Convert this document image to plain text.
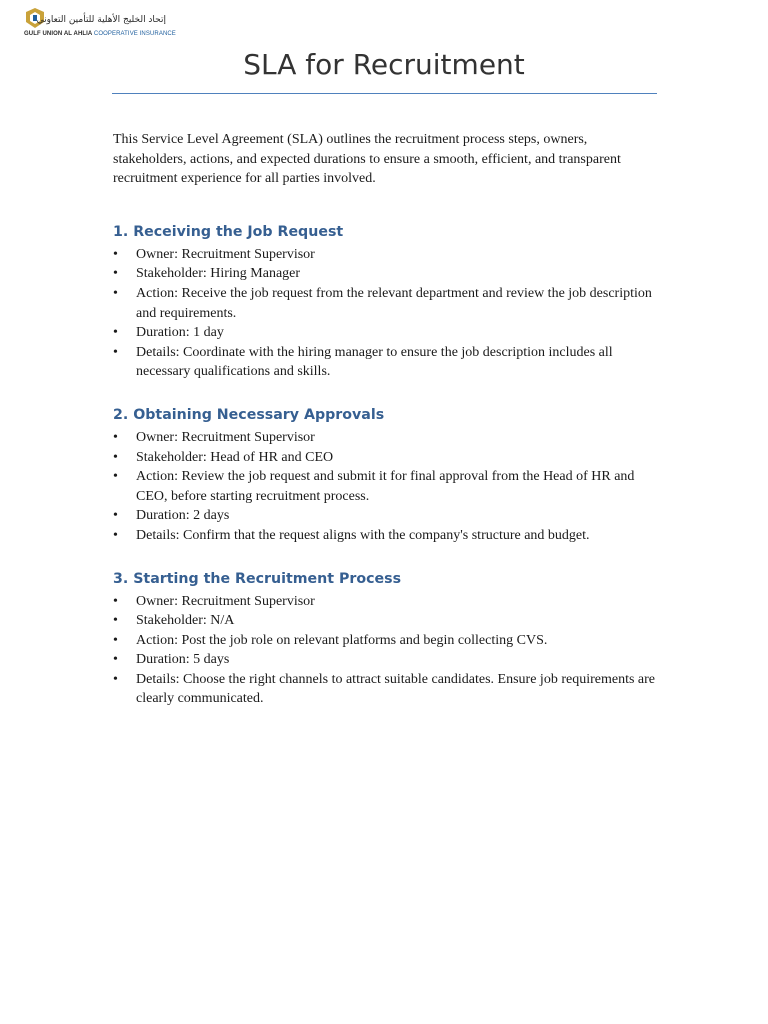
إتحاد الخليج الأهلية للتأمين التعاوني
GULF UNION AL AHLIA COOPERATIVE INSURANCE
SLA for Recruitment

This Service Level Agreement (SLA) outlines the recruitment process steps, owners, stakeholders, actions, and expected durations to ensure a smooth, efficient, and transparent recruitment experience for all parties involved.

1. Receiving the Job Request
•	Owner: Recruitment Supervisor
•	Stakeholder: Hiring Manager
•	Action: Receive the job request from the relevant department and review the job description and requirements.
•	Duration: 1 day
•	Details: Coordinate with the hiring manager to ensure the job description includes all necessary qualifications and skills.
2. Obtaining Necessary Approvals
•	Owner: Recruitment Supervisor
•	Stakeholder: Head of HR and CEO
•	Action: Review the job request and submit it for final approval from the Head of HR and CEO, before starting recruitment process.
•	Duration: 2 days
•	Details: Confirm that the request aligns with the company's structure and budget.
3. Starting the Recruitment Process
•	Owner: Recruitment Supervisor
•	Stakeholder: N/A
•	Action: Post the job role on relevant platforms and begin collecting CVS.
•	Duration: 5 days
•	Details: Choose the right channels to attract suitable candidates. Ensure job requirements are clearly communicated.
